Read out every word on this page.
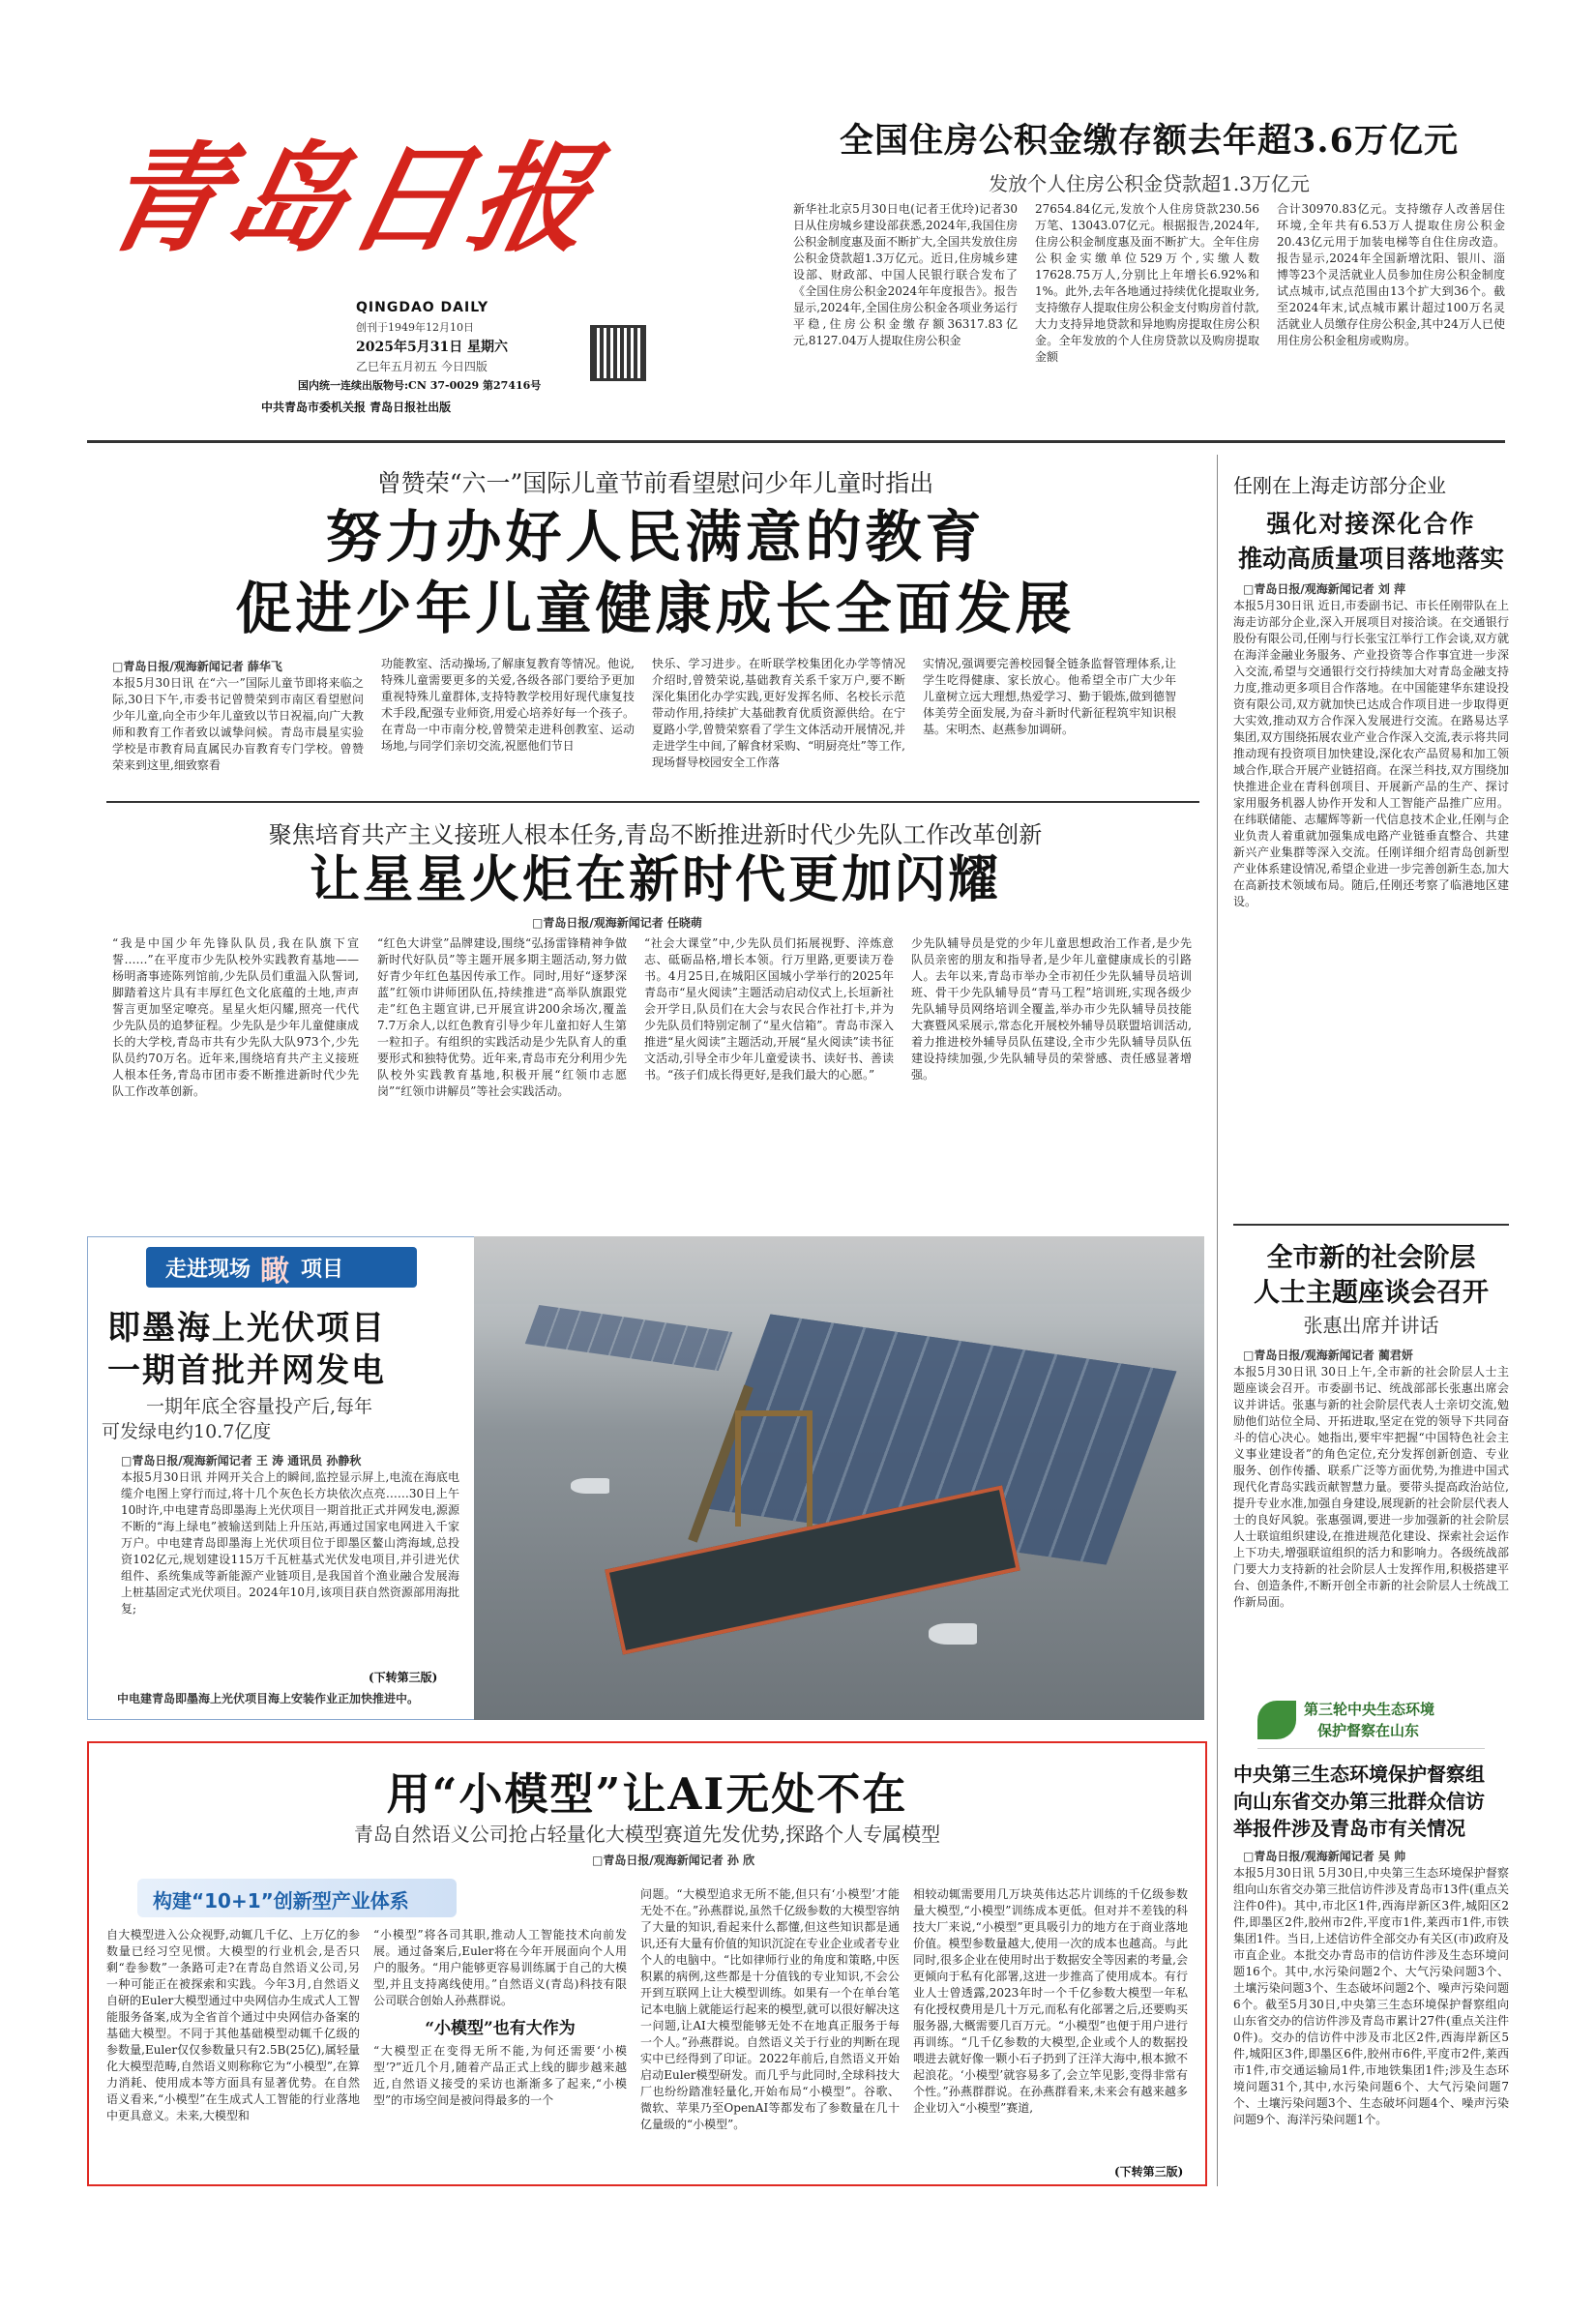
青岛日报
QINGDAO DAILY
创刊于1949年12月10日
2025年5月31日 星期六
乙巳年五月初五 今日四版
国内统一连续出版物号:CN 37-0029 第27416号
中共青岛市委机关报 青岛日报社出版
全国住房公积金缴存额去年超3.6万亿元
发放个人住房公积金贷款超1.3万亿元
新华社北京5月30日电(记者王优玲)记者30日从住房城乡建设部获悉,2024年,我国住房公积金制度惠及面不断扩大,全国共发放住房公积金贷款超1.3万亿元。近日,住房城乡建设部、财政部、中国人民银行联合发布了《全国住房公积金2024年年度报告》。报告显示,2024年,全国住房公积金各项业务运行平稳,住房公积金缴存额36317.83亿元,8127.04万人提取住房公积金
27654.84亿元,发放个人住房贷款230.56万笔、13043.07亿元。根据报告,2024年,住房公积金制度惠及面不断扩大。全年住房公积金实缴单位529万个,实缴人数17628.75万人,分别比上年增长6.92%和1%。此外,去年各地通过持续优化提取业务,支持缴存人提取住房公积金支付购房首付款,大力支持异地贷款和异地购房提取住房公积金。全年发放的个人住房贷款以及购房提取金额
合计30970.83亿元。支持缴存人改善居住环境,全年共有6.53万人提取住房公积金20.43亿元用于加装电梯等自住住房改造。报告显示,2024年全国新增沈阳、银川、淄博等23个灵活就业人员参加住房公积金制度试点城市,试点范围由13个扩大到36个。截至2024年末,试点城市累计超过100万名灵活就业人员缴存住房公积金,其中24万人已使用住房公积金租房或购房。
曾赞荣“六一”国际儿童节前看望慰问少年儿童时指出
努力办好人民满意的教育
促进少年儿童健康成长全面发展
□青岛日报/观海新闻记者 薛华飞
本报5月30日讯 在“六一”国际儿童节即将来临之际,30日下午,市委书记曾赞荣到市南区看望慰问少年儿童,向全市少年儿童致以节日祝福,向广大教师和教育工作者致以诚挚问候。青岛市晨星实验学校是市教育局直属民办盲教育专门学校。曾赞荣来到这里,细致察看
功能教室、活动操场,了解康复教育等情况。他说,特殊儿童需要更多的关爱,各级各部门要给予更加重视特殊儿童群体,支持特教学校用好现代康复技术手段,配强专业师资,用爱心培养好每一个孩子。在青岛一中市南分校,曾赞荣走进科创教室、运动场地,与同学们亲切交流,祝愿他们节日
快乐、学习进步。在昕联学校集团化办学等情况介绍时,曾赞荣说,基础教育关系千家万户,要不断深化集团化办学实践,更好发挥名师、名校长示范带动作用,持续扩大基础教育优质资源供给。在宁夏路小学,曾赞荣察看了学生文体活动开展情况,并走进学生中间,了解食材采购、“明厨亮灶”等工作,现场督导校园安全工作落
实情况,强调要完善校园餐全链条监督管理体系,让学生吃得健康、家长放心。他希望全市广大少年儿童树立远大理想,热爱学习、勤于锻炼,做到德智体美劳全面发展,为奋斗新时代新征程筑牢知识根基。宋明杰、赵燕参加调研。
聚焦培育共产主义接班人根本任务,青岛不断推进新时代少先队工作改革创新
让星星火炬在新时代更加闪耀
□青岛日报/观海新闻记者 任晓萌
“我是中国少年先锋队队员,我在队旗下宣誓……”在平度市少先队校外实践教育基地——杨明斋事迹陈列馆前,少先队员们重温入队誓词,脚踏着这片具有丰厚红色文化底蕴的土地,声声誓言更加坚定嘹亮。星星火炬闪耀,照亮一代代少先队员的追梦征程。少先队是少年儿童健康成长的大学校,青岛市共有少先队大队973个,少先队员约70万名。近年来,围绕培育共产主义接班人根本任务,青岛市团市委不断推进新时代少先队工作改革创新。
“红色大讲堂”品牌建设,围绕“弘扬雷锋精神争做新时代好队员”等主题开展多期主题活动,努力做好青少年红色基因传承工作。同时,用好“逐梦深蓝”红领巾讲师团队伍,持续推进“高举队旗跟党走”红色主题宣讲,已开展宣讲200余场次,覆盖7.7万余人,以红色教育引导少年儿童扣好人生第一粒扣子。有组织的实践活动是少先队育人的重要形式和独特优势。近年来,青岛市充分利用少先队校外实践教育基地,积极开展“红领巾志愿岗”“红领巾讲解员”等社会实践活动。
“社会大课堂”中,少先队员们拓展视野、淬炼意志、砥砺品格,增长本领。行万里路,更要读万卷书。4月25日,在城阳区国城小学举行的2025年青岛市“星火阅读”主题活动启动仪式上,长垣新社会开学日,队员们在大会与农民合作社打卡,并为少先队员们特别定制了“星火信箱”。青岛市深入推进“星火阅读”主题活动,开展“星火阅读”读书征文活动,引导全市少年儿童爱读书、读好书、善读书。“孩子们成长得更好,是我们最大的心愿。”
少先队辅导员是党的少年儿童思想政治工作者,是少先队员亲密的朋友和指导者,是少年儿童健康成长的引路人。去年以来,青岛市举办全市初任少先队辅导员培训班、骨干少先队辅导员“青马工程”培训班,实现各级少先队辅导员网络培训全覆盖,举办市少先队辅导员技能大赛暨风采展示,常态化开展校外辅导员联盟培训活动,着力推进校外辅导员队伍建设,全市少先队辅导员队伍建设持续加强,少先队辅导员的荣誉感、责任感显著增强。
任刚在上海走访部分企业
强化对接深化合作
推动高质量项目落地落实
□青岛日报/观海新闻记者 刘 萍
本报5月30日讯 近日,市委副书记、市长任刚带队在上海走访部分企业,深入开展项目对接洽谈。在交通银行股份有限公司,任刚与行长张宝江举行工作会谈,双方就在海洋金融业务服务、产业投资等合作事宜进一步深入交流,希望与交通银行交行持续加大对青岛金融支持力度,推动更多项目合作落地。在中国能建华东建设投资有限公司,双方就加快已达成合作项目进一步取得更大实效,推动双方合作深入发展进行交流。在路易达孚集团,双方围绕拓展农业产业合作深入交流,表示将共同推动现有投资项目加快建设,深化农产品贸易和加工领域合作,联合开展产业链招商。在深兰科技,双方围绕加快推进企业在青科创项目、开展新产品的生产、探讨家用服务机器人协作开发和人工智能产品推广应用。在纬联储能、志耀辉等新一代信息技术企业,任刚与企业负责人着重就加强集成电路产业链垂直整合、共建新兴产业集群等深入交流。任刚详细介绍青岛创新型产业体系建设情况,希望企业进一步完善创新生态,加大在高新技术领域布局。随后,任刚还考察了临港地区建设。
全市新的社会阶层
人士主题座谈会召开
张惠出席并讲话
□青岛日报/观海新闻记者 蔺君妍
本报5月30日讯 30日上午,全市新的社会阶层人士主题座谈会召开。市委副书记、统战部部长张惠出席会议并讲话。张惠与新的社会阶层代表人士亲切交流,勉励他们站位全局、开拓进取,坚定在党的领导下共同奋斗的信心决心。她指出,要牢牢把握“中国特色社会主义事业建设者”的角色定位,充分发挥创新创造、专业服务、创作传播、联系广泛等方面优势,为推进中国式现代化青岛实践贡献智慧力量。要带头提高政治站位,提升专业水准,加强自身建设,展现新的社会阶层代表人士的良好风貌。张惠强调,要进一步加强新的社会阶层人士联谊组织建设,在推进规范化建设、探索社会运作上下功夫,增强联谊组织的活力和影响力。各级统战部门要大力支持新的社会阶层人士发挥作用,积极搭建平台、创造条件,不断开创全市新的社会阶层人士统战工作新局面。
第三轮中央生态环境
保护督察在山东
中央第三生态环境保护督察组
向山东省交办第三批群众信访
举报件涉及青岛市有关情况
□青岛日报/观海新闻记者 吴 帅
本报5月30日讯 5月30日,中央第三生态环境保护督察组向山东省交办第三批信访件涉及青岛市13件(重点关注件0件)。其中,市北区1件,西海岸新区3件,城阳区2件,即墨区2件,胶州市2件,平度市1件,莱西市1件,市铁集团1件。当日,上述信访件全部交办有关区(市)政府及市直企业。本批交办青岛市的信访件涉及生态环境问题16个。其中,水污染问题2个、大气污染问题3个、土壤污染问题3个、生态破坏问题2个、噪声污染问题6个。截至5月30日,中央第三生态环境保护督察组向山东省交办的信访件涉及青岛市累计27件(重点关注件0件)。交办的信访件中涉及市北区2件,西海岸新区5件,城阳区3件,即墨区6件,胶州市6件,平度市2件,莱西市1件,市交通运输局1件,市地铁集团1件;涉及生态环境问题31个,其中,水污染问题6个、大气污染问题7个、土壤污染问题3个、生态破坏问题4个、噪声污染问题9个、海洋污染问题1个。
走进现场 瞰 项目
即墨海上光伏项目
一期首批并网发电
一期年底全容量投产后,每年
可发绿电约10.7亿度
□青岛日报/观海新闻记者 王 涛 通讯员 孙静秋
本报5月30日讯 并网开关合上的瞬间,监控显示屏上,电流在海底电缆介电图上穿行而过,将十几个灰色长方块依次点亮……30日上午10时许,中电建青岛即墨海上光伏项目一期首批正式并网发电,源源不断的“海上绿电”被输送到陆上升压站,再通过国家电网进入千家万户。中电建青岛即墨海上光伏项目位于即墨区鳌山湾海域,总投资102亿元,规划建设115万千瓦桩基式光伏发电项目,并引进光伏组件、系统集成等新能源产业链项目,是我国首个渔业融合发展海上桩基固定式光伏项目。2024年10月,该项目获自然资源部用海批复;
(下转第三版)
中电建青岛即墨海上光伏项目海上安装作业正加快推进中。
用“小模型”让AI无处不在
青岛自然语义公司抢占轻量化大模型赛道先发优势,探路个人专属模型
□青岛日报/观海新闻记者 孙 欣
构建“10+1”创新型产业体系
自大模型进入公众视野,动辄几千亿、上万亿的参数量已经习空见惯。大模型的行业机会,是否只剩“卷参数”一条路可走?在青岛自然语义公司,另一种可能正在被探索和实践。今年3月,自然语义自研的Euler大模型通过中央网信办生成式人工智能服务备案,成为全省首个通过中央网信办备案的基础大模型。不同于其他基础模型动辄千亿级的参数量,Euler仅仅参数量只有2.5B(25亿),属轻量化大模型范畴,自然语义则称称它为“小模型”,在算力消耗、使用成本等方面具有显著优势。在自然语义看来,“小模型”在生成式人工智能的行业落地中更具意义。未来,大模型和
“小模型”将各司其职,推动人工智能技术向前发展。通过备案后,Euler将在今年开展面向个人用户的服务。“用户能够更容易训练属于自己的大模型,并且支持离线使用。”自然语义(青岛)科技有限公司联合创始人孙燕群说。
“小模型”也有大作为
“大模型正在变得无所不能,为何还需要‘小模型’?”近几个月,随着产品正式上线的脚步越来越近,自然语义接受的采访也渐渐多了起来,“小模型”的市场空间是被问得最多的一个
问题。“大模型追求无所不能,但只有‘小模型’才能无处不在。”孙燕群说,虽然千亿级参数的大模型容纳了大量的知识,看起来什么都懂,但这些知识都是通识,还有大量有价值的知识沉淀在专业企业或者专业个人的电脑中。“比如律师行业的角度和策略,中医积累的病例,这些都是十分值钱的专业知识,不会公开到互联网上让大模型训练。如果有一个在单台笔记本电脑上就能运行起来的模型,就可以很好解决这一问题,让AI大模型能够无处不在地真正服务于每一个人。”孙燕群说。自然语义关于行业的判断在现实中已经得到了印证。2022年前后,自然语义开始启动Euler模型研发。而几乎与此同时,全球科技大厂也纷纷踏准轻量化,开始布局“小模型”。谷歌、微软、苹果乃至OpenAI等都发布了参数量在几十亿量级的“小模型”。
相较动辄需要用几万块英伟达芯片训练的千亿级参数量大模型,“小模型”训练成本更低。但对并不差钱的科技大厂来说,“小模型”更具吸引力的地方在于商业落地价值。模型参数量越大,使用一次的成本也越高。与此同时,很多企业在使用时出于数据安全等因素的考量,会更倾向于私有化部署,这进一步推高了使用成本。有行业人士曾透露,2023年时一个千亿参数大模型一年私有化授权费用是几十万元,而私有化部署之后,还要购买服务器,大概需要几百万元。“小模型”也便于用户进行再训练。“几千亿参数的大模型,企业或个人的数据投喂进去就好像一颗小石子扔到了汪洋大海中,根本掀不起浪花。‘小模型’就容易多了,会立竿见影,变得非常有个性。”孙燕群群说。在孙燕群看来,未来会有越来越多企业切入“小模型”赛道,
(下转第三版)
